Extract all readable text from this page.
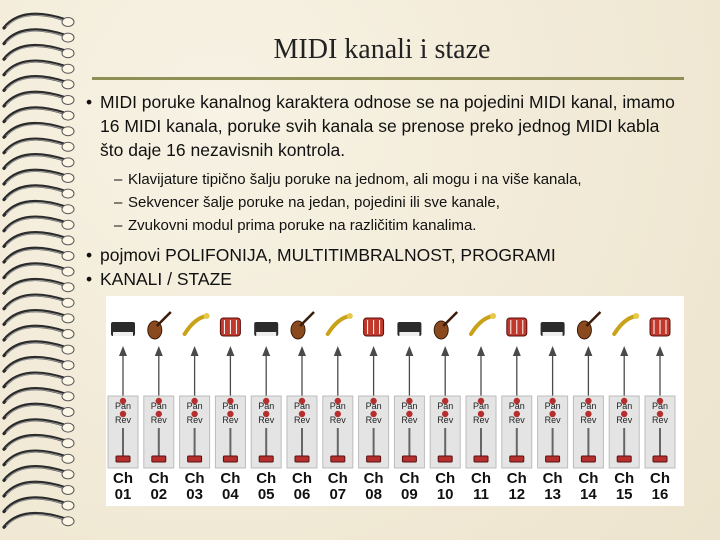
MIDI kanali i staze
• MIDI poruke kanalnog karaktera odnose se na pojedini MIDI kanal, imamo 16 MIDI kanala, poruke svih kanala se prenose preko jednog MIDI kabla što daje 16 nezavisnih kontrola.
– Klavijature tipično šalju poruke na jednom, ali mogu i na više kanala,
– Sekvencer šalje poruke na jedan, pojedini ili sve kanale,
– Zvukovni modul prima poruke na različitim kanalima.
• pojmovi POLIFONIJA, MULTITIMBRALNOST, PROGRAMI
• KANALI / STAZE
Pan
Rev
Ch
01
Pan
Rev
Ch
02
Pan
Rev
Ch
03
Pan
Rev
Ch
04
Pan
Rev
Ch
05
Pan
Rev
Ch
06
Pan
Rev
Ch
07
Pan
Rev
Ch
08
Pan
Rev
Ch
09
Pan
Rev
Ch
10
Pan
Rev
Ch
11
Pan
Rev
Ch
12
Pan
Rev
Ch
13
Pan
Rev
Ch
14
Pan
Rev
Ch
15
Pan
Rev
Ch
16
